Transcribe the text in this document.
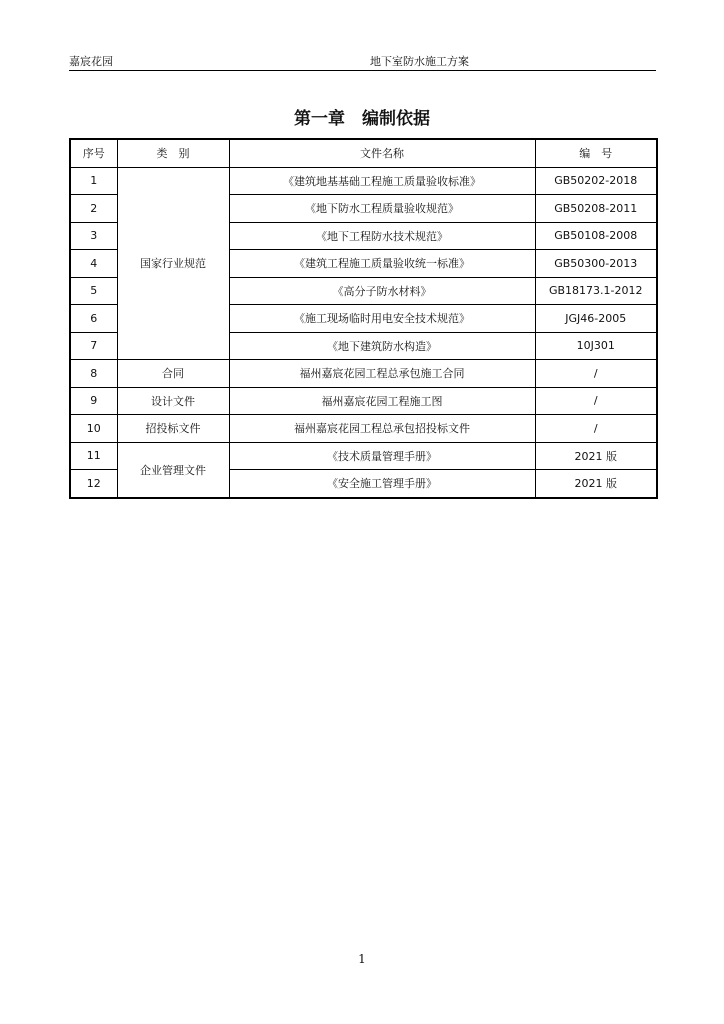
嘉宸花园	地下室防水施工方案
第一章　编制依据
序号	类　别	文件名称	编　号
1	国家行业规范	《建筑地基基础工程施工质量验收标准》	GB50202-2018
2		《地下防水工程质量验收规范》	GB50208-2011
3		《地下工程防水技术规范》	GB50108-2008
4		《建筑工程施工质量验收统一标准》	GB50300-2013
5		《高分子防水材料》	GB18173.1-2012
6		《施工现场临时用电安全技术规范》	JGJ46-2005
7		《地下建筑防水构造》	10J301
8	合同	福州嘉宸花园工程总承包施工合同	/
9	设计文件	福州嘉宸花园工程施工图	/
10	招投标文件	福州嘉宸花园工程总承包招投标文件	/
11	企业管理文件	《技术质量管理手册》	2021 版
12		《安全施工管理手册》	2021 版
1
